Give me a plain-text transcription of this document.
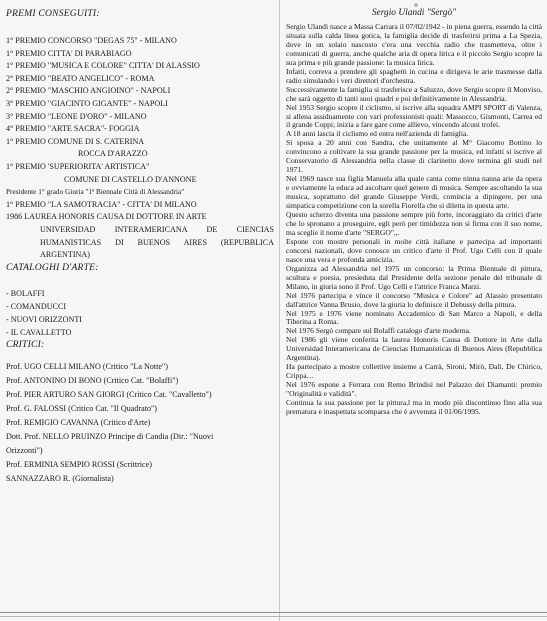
PREMI CONSEGUITI:
1° PREMIO CONCORSO "DEGAS 75" - MILANO
1° PREMIO CITTA' DI PARABIAGO
1° PREMIO "MUSICA E COLORE" CITTA' DI ALASSIO
2° PREMIO "BEATO ANGELICO" - ROMA
2° PREMIO "MASCHIO ANGIOINO" - NAPOLI
3° PREMIO "GIACINTO GIGANTE" - NAPOLI
3° PREMIO "LEONE D'ORO" - MILANO
4° PREMIO "ARTE SACRA"- FOGGIA
1° PREMIO COMUNE DI S. CATERINA
ROCCA D'ARAZZO
1° PREMIO 'SUPERIORITA' ARTISTICA"
COMUNE DI CASTELLO D'ANNONE
Presidente 1° grado Giuria "1ª Biennale Città di Alessandria"
1° PREMIO "LA SAMOTRACIA" - CITTA' DI MILANO
1986 LAUREA HONORIS CAUSA DI DOTTORE IN ARTE
UNIVERSIDAD INTERAMERICANA DE CIENCIAS HUMANISTICAS DI BUENOS AIRES (REPUBBLICA ARGENTINA)
CATALOGHI D'ARTE:
- BOLAFFI
- COMANDUCCI
- NUOVI ORIZZONTI
- IL CAVALLETTO
CRITICI:
Prof. UGO CELLI MILANO (Critico "La Notte")
Prof. ANTONINO DI BONO (Critico Cat. "Bolaffi")
Prof. PIER ARTURO SAN GIORGI (Critico Cat. "Cavalletto")
Prof. G. FALOSSI (Critico Cat. "Il Quadrato")
Prof. REMIGIO CAVANNA (Critico d'Arte)
Dott. Prof. NELLO PRUINZO Principe di Candia (Dir.: "Nuovi
Orizzonti")
Prof. ERMINIA SEMPIO ROSSI (Scrittrice)
SANNAZZARO R. (Giornalista)
Sergio Ulandi "Sergò"

Sergio Ulandi nasce a Massa Carrara il 07/02/1942 - in piena guerra, essendo la città situata sulla calda linea gotica, la famiglia decide di trasferirsi prima a La Spezia, dove in un solaio nascosto c'era una vecchia radio che trasmetteva, oltre i comunicati di guerra, anche qualche aria di opera lirica e il piccolo Sergio scopre la sua prima e più grande passione: la musica lirica.

Infatti, correva a prendere gli spaghetti in cucina e dirigeva le arie trasmesse dalla radio simulando i veri direttori d'orchestra.

Successivamente la famiglia si trasferisce a Saluzzo, dove Sergio scopre il Monviso, che sarà oggetto di tanti suoi quadri e poi definitivamente in Alessandria.

Nel 1953 Sergio scopre il ciclismo, si iscrive alla squadra AMPI SPORT di Valenza, si allena assiduamente con vari professionisti quali: Massocco, Gismonti, Carrea ed il grande Coppi; inizia a fare gare come allievo, vincendo alcuni trofei.

A 18 anni lascia il ciclismo ed entra nell'azienda di famiglia.

Si sposa a 20 anni con Sandra, che unitamente al M° Giacomo Bottino lo convincono a coltivare la sua grande passione per la musica, ed infatti si iscrive al Conservatorio di Alessandria nella classe di clarinetto dove termina gli studi nel 1971.

Nel 1969 nasce sua figlia Manuela alla quale canta come ninna nanna arie da opera e ovviamente la educa ad ascoltare quel genere di musica. Sempre ascoltando la sua musica, soprattutto del grande Giuseppe Verdi, comincia a dipingere, per una simpatica competizione con la sorella Fiorella che si diletta in questa arte.

Questo scherzo diventa una passione sempre più forte, incoraggiato da critici d'arte che lo spronano a proseguire, egli però per timidezza non si firma con il suo nome, ma sceglie il nome d'arte "SERGO",,.

Espone con mostre personali in molte città italiane e partecipa ad importanti concorsi nazionali, dove conosce un critico d'arte il Prof. Ugo Celli con il quale nasce una vera e profonda amicizia.

Organizza ad Alessandria nel 1975 un concorso: la Prima Biennale di pittura, scultura e poesia, presieduta dal Presidente della sezione penale del tribunale di Milano, in giuria sono il Prof. Ugo Celli e l'attrice Franca Marzi.

Nel 1976 partecipa e vince il concorso "Musica e Colore" ad Alassio presentato dall'attrice Vanna Brusio, dove la giuria lo definisce il Debussy della pittura.

Nel 1975 e 1976 viene nominato Accademico di San Marco a Napoli, e della Tiberina a Roma.

Nel 1976 Sergò compare sul Bolaffi catalogo d'arte moderna.

Nel 1986 gli viene conferita la laurea Honoris Causa di Dottore in Arte dalla Universidad Interamericana de Ciencias Humanisticas di Buenos Aires (Repubblica Argentina).

Ha partecipato a mostre collettive insieme a Carrà, Sironi, Mirò, Dalì, De Chirico, Crippa…

Nel 1976 espone a Ferrara con Remo Brindisi nel Palazzo dei Diamanti: premio "Originalità e validità".

Continua la sua passione per la pittura,l ma in modo più discontinuo fino alla sua prematura e inaspettata scomparsa che è avvenuta il 01/06/1995.
